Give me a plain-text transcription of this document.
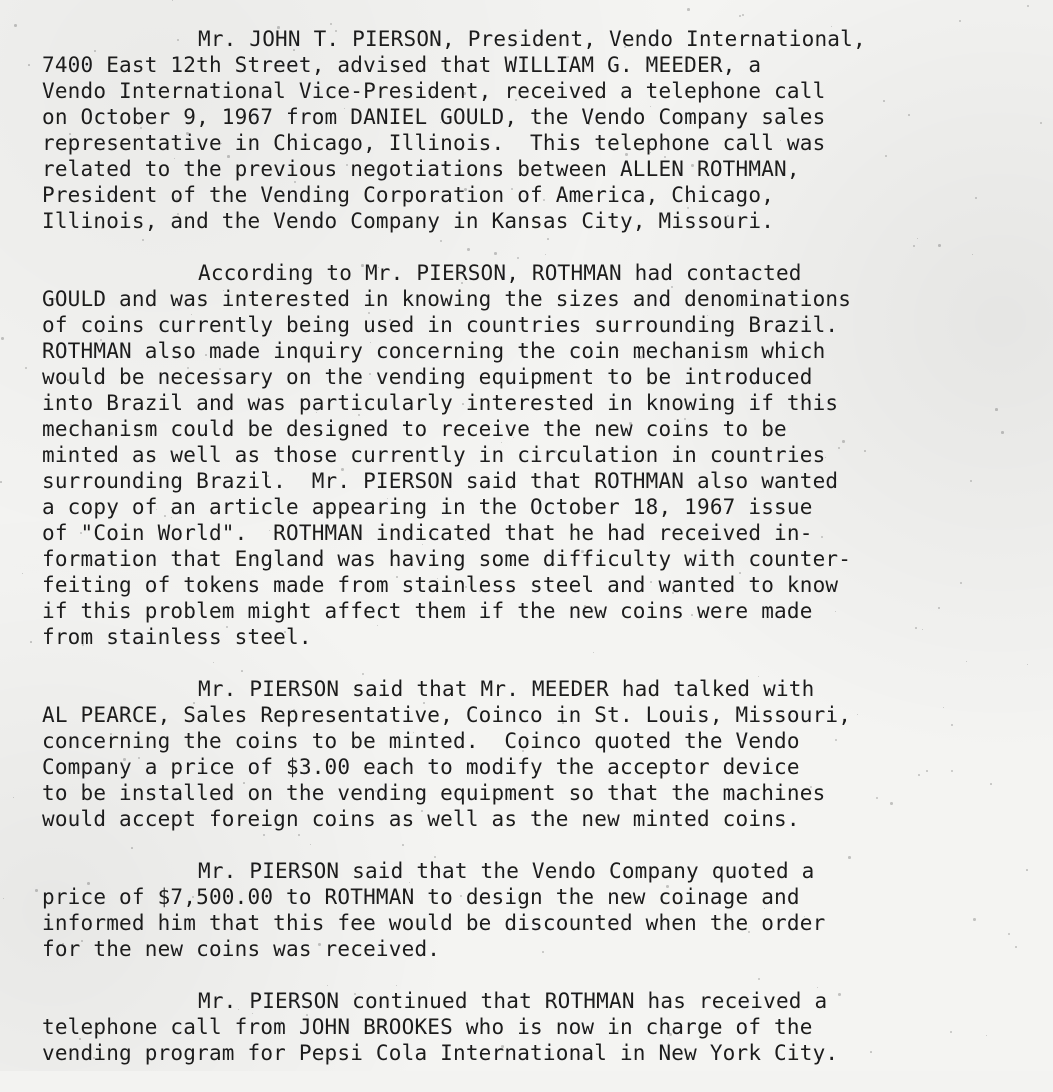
Mr. JOHN T. PIERSON, President, Vendo International,
7400 East 12th Street, advised that WILLIAM G. MEEDER, a
Vendo International Vice-President, received a telephone call
on October 9, 1967 from DANIEL GOULD, the Vendo Company sales
representative in Chicago, Illinois.  This telephone call was
related to the previous negotiations between ALLEN ROTHMAN,
President of the Vending Corporation of America, Chicago,
Illinois, and the Vendo Company in Kansas City, Missouri.
According to Mr. PIERSON, ROTHMAN had contacted
GOULD and was interested in knowing the sizes and denominations
of coins currently being used in countries surrounding Brazil.
ROTHMAN also made inquiry concerning the coin mechanism which
would be necessary on the vending equipment to be introduced
into Brazil and was particularly interested in knowing if this
mechanism could be designed to receive the new coins to be
minted as well as those currently in circulation in countries
surrounding Brazil.  Mr. PIERSON said that ROTHMAN also wanted
a copy of an article appearing in the October 18, 1967 issue
of "Coin World".  ROTHMAN indicated that he had received in-
formation that England was having some difficulty with counter-
feiting of tokens made from stainless steel and wanted to know
if this problem might affect them if the new coins were made
from stainless steel.
Mr. PIERSON said that Mr. MEEDER had talked with
AL PEARCE, Sales Representative, Coinco in St. Louis, Missouri,
concerning the coins to be minted.  Coinco quoted the Vendo
Company a price of $3.00 each to modify the acceptor device
to be installed on the vending equipment so that the machines
would accept foreign coins as well as the new minted coins.
Mr. PIERSON said that the Vendo Company quoted a
price of $7,500.00 to ROTHMAN to design the new coinage and
informed him that this fee would be discounted when the order
for the new coins was received.
Mr. PIERSON continued that ROTHMAN has received a
telephone call from JOHN BROOKES who is now in charge of the
vending program for Pepsi Cola International in New York City.
